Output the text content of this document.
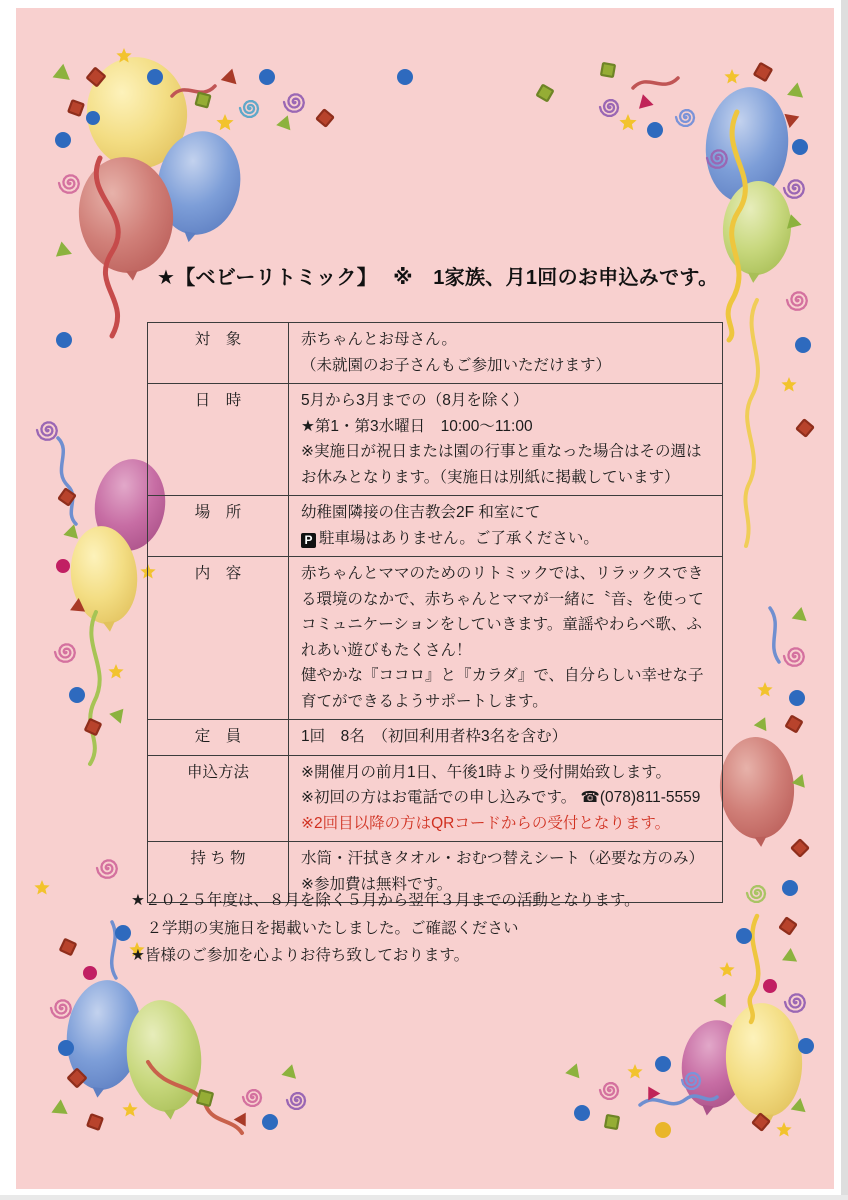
★【ベビーリトミック】　 ※　1家族、月1回のお申込みです。
対　象	赤ちゃんとお母さん。
（未就園のお子さんもご参加いただけます）

日　時	5月から3月までの（8月を除く）
★第1・第3水曜日　10:00～11:00
※実施日が祝日または園の行事と重なった場合はその週はお休みとなります。（実施日は別紙に掲載しています）

場　所	幼稚園隣接の住吉教会2F 和室にて
P 駐車場はありません。ご了承ください。

内　容	赤ちゃんとママのためのリトミックでは、リラックスできる環境のなかで、赤ちゃんとママが一緒に〝音〟を使ってコミュニケーションをしていきます。童謡やわらべ歌、ふれあい遊びもたくさん！
健やかな『ココロ』と『カラダ』で、自分らしい幸せな子育てができるようサポートします。

定　員	1回　8名　（初回利用者枠3名を含む）

申込方法	※開催月の前月1日、午後1時より受付開始致します。
※初回の方はお電話での申し込みです。 ☎(078)811-5559
※2回目以降の方はQRコードからの受付となります。

持 ち 物	水筒・汗拭きタオル・おむつ替えシート（必要な方のみ）
※参加費は無料です。
★２０２５年度は、８月を除く５月から翌年３月までの活動となります。
　２学期の実施日を掲載いたしました。ご確認ください
★皆様のご参加を心よりお待ち致しております。
